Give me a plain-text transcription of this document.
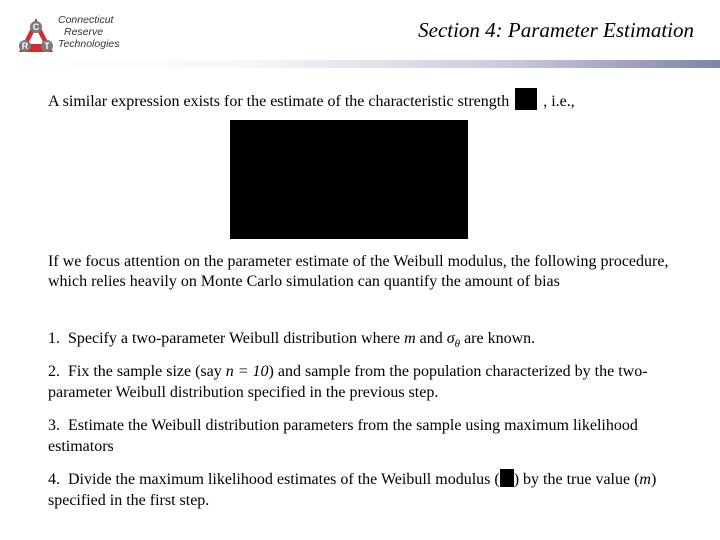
C
R T
Connecticut
Reserve
Technologies
Section 4: Parameter Estimation
A similar expression exists for the estimate of the characteristic strength , i.e.,
If we focus attention on the parameter estimate of the Weibull modulus, the following procedure, which relies heavily on Monte Carlo simulation can quantify the amount of bias
1. Specify a two-parameter Weibull distribution where m and $\sigma_\theta$ are known.
2. Fix the sample size (say n = 10) and sample from the population characterized by the two-parameter Weibull distribution specified in the previous step.
3. Estimate the Weibull distribution parameters from the sample using maximum likelihood estimators
4. Divide the maximum likelihood estimates of the Weibull modulus ( ) by the true value (m) specified in the first step.
